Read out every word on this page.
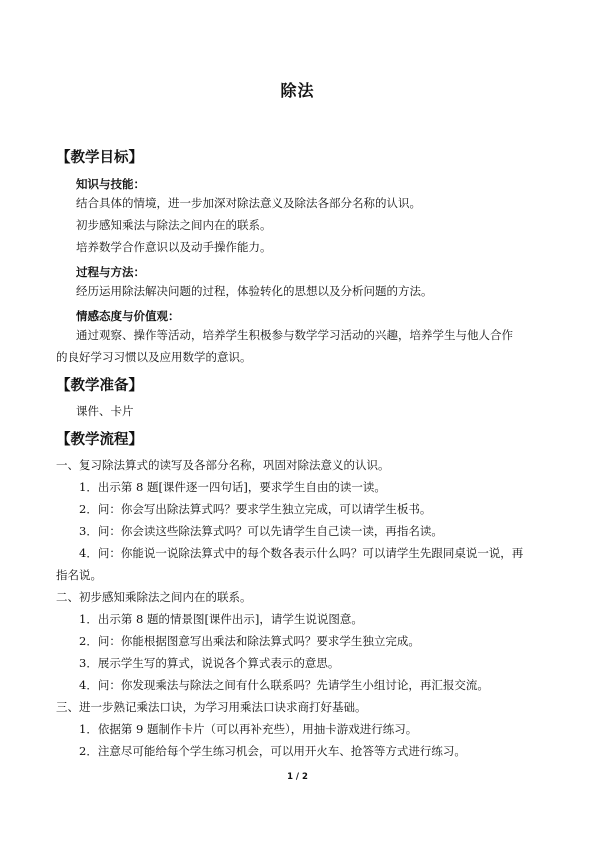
除法
【教学目标】
知识与技能：
结合具体的情境，进一步加深对除法意义及除法各部分名称的认识。
初步感知乘法与除法之间内在的联系。
培养数学合作意识以及动手操作能力。
过程与方法：
经历运用除法解决问题的过程，体验转化的思想以及分析问题的方法。
情感态度与价值观：
通过观察、操作等活动，培养学生积极参与数学学习活动的兴趣，培养学生与他人合作
的良好学习习惯以及应用数学的意识。
【教学准备】
课件、卡片
【教学流程】
一、复习除法算式的读写及各部分名称，巩固对除法意义的认识。
1．出示第 8 题[课件逐一四句话]，要求学生自由的读一读。
2．问：你会写出除法算式吗？要求学生独立完成，可以请学生板书。
3．问：你会读这些除法算式吗？可以先请学生自己读一读，再指名读。
4．问：你能说一说除法算式中的每个数各表示什么吗？可以请学生先跟同桌说一说，再
指名说。
二、初步感知乘除法之间内在的联系。
1．出示第 8 题的情景图[课件出示]，请学生说说图意。
2．问：你能根据图意写出乘法和除法算式吗？要求学生独立完成。
3．展示学生写的算式，说说各个算式表示的意思。
4．问：你发现乘法与除法之间有什么联系吗？先请学生小组讨论，再汇报交流。
三、进一步熟记乘法口诀，为学习用乘法口诀求商打好基础。
1．依据第 9 题制作卡片（可以再补充些），用抽卡游戏进行练习。
2．注意尽可能给每个学生练习机会，可以用开火车、抢答等方式进行练习。
1 / 2
